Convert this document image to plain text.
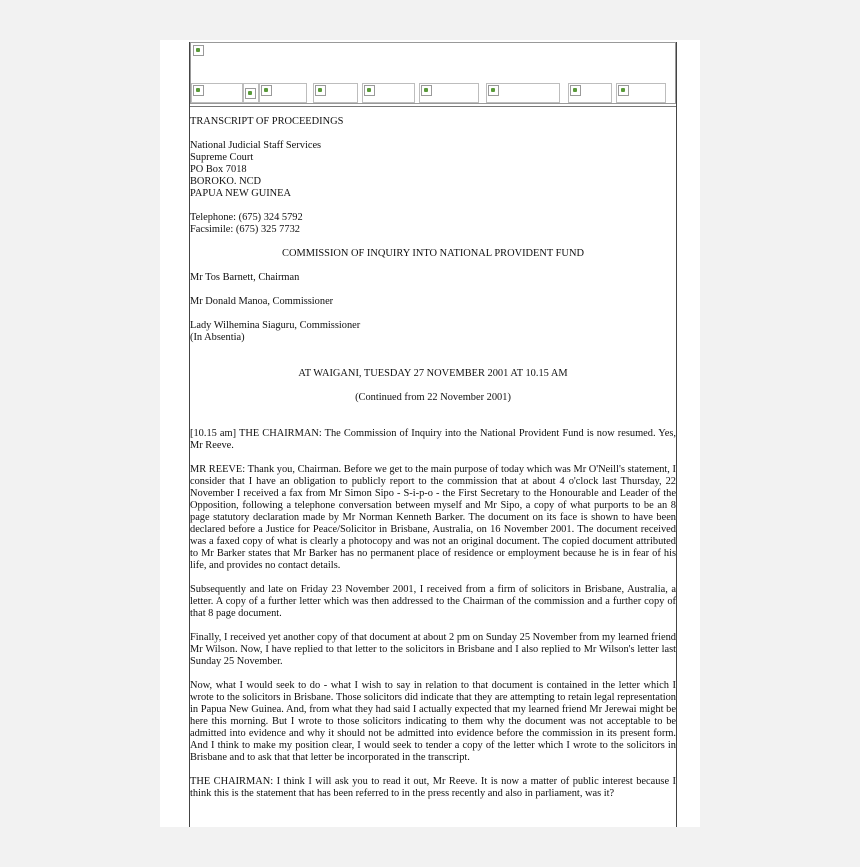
TRANSCRIPT OF PROCEEDINGS

National Judicial Staff Services
Supreme Court
PO Box 7018
BOROKO. NCD
PAPUA NEW GUINEA

Telephone: (675) 324 5792
Facsimile: (675) 325 7732

COMMISSION OF INQUIRY INTO NATIONAL PROVIDENT FUND

Mr Tos Barnett, Chairman

Mr Donald Manoa, Commissioner

Lady Wilhemina Siaguru, Commissioner
(In Absentia)

AT WAIGANI, TUESDAY 27 NOVEMBER 2001 AT 10.15 AM

(Continued from 22 November 2001)

[10.15 am] THE CHAIRMAN: The Commission of Inquiry into the National Provident Fund is now resumed. Yes, Mr Reeve.

MR REEVE: Thank you, Chairman. Before we get to the main purpose of today which was Mr O'Neill's statement, I consider that I have an obligation to publicly report to the commission that at about 4 o'clock last Thursday, 22 November I received a fax from Mr Simon Sipo - S-i-p-o - the First Secretary to the Honourable and Leader of the Opposition, following a telephone conversation between myself and Mr Sipo, a copy of what purports to be an 8 page statutory declaration made by Mr Norman Kenneth Barker. The document on its face is shown to have been declared before a Justice for Peace/Solicitor in Brisbane, Australia, on 16 November 2001. The document received was a faxed copy of what is clearly a photocopy and was not an original document. The copied document attributed to Mr Barker states that Mr Barker has no permanent place of residence or employment because he is in fear of his life, and provides no contact details.

Subsequently and late on Friday 23 November 2001, I received from a firm of solicitors in Brisbane, Australia, a letter. A copy of a further letter which was then addressed to the Chairman of the commission and a further copy of that 8 page document.

Finally, I received yet another copy of that document at about 2 pm on Sunday 25 November from my learned friend Mr Wilson. Now, I have replied to that letter to the solicitors in Brisbane and I also replied to Mr Wilson's letter last Sunday 25 November.

Now, what I would seek to do - what I wish to say in relation to that document is contained in the letter which I wrote to the solicitors in Brisbane. Those solicitors did indicate that they are attempting to retain legal representation in Papua New Guinea. And, from what they had said I actually expected that my learned friend Mr Jerewai might be here this morning. But I wrote to those solicitors indicating to them why the document was not acceptable to be admitted into evidence and why it should not be admitted into evidence before the commission in its present form. And I think to make my position clear, I would seek to tender a copy of the letter which I wrote to the solicitors in Brisbane and to ask that that letter be incorporated in the transcript.

THE CHAIRMAN: I think I will ask you to read it out, Mr Reeve. It is now a matter of public interest because I think this is the statement that has been referred to in the press recently and also in parliament, was it?
